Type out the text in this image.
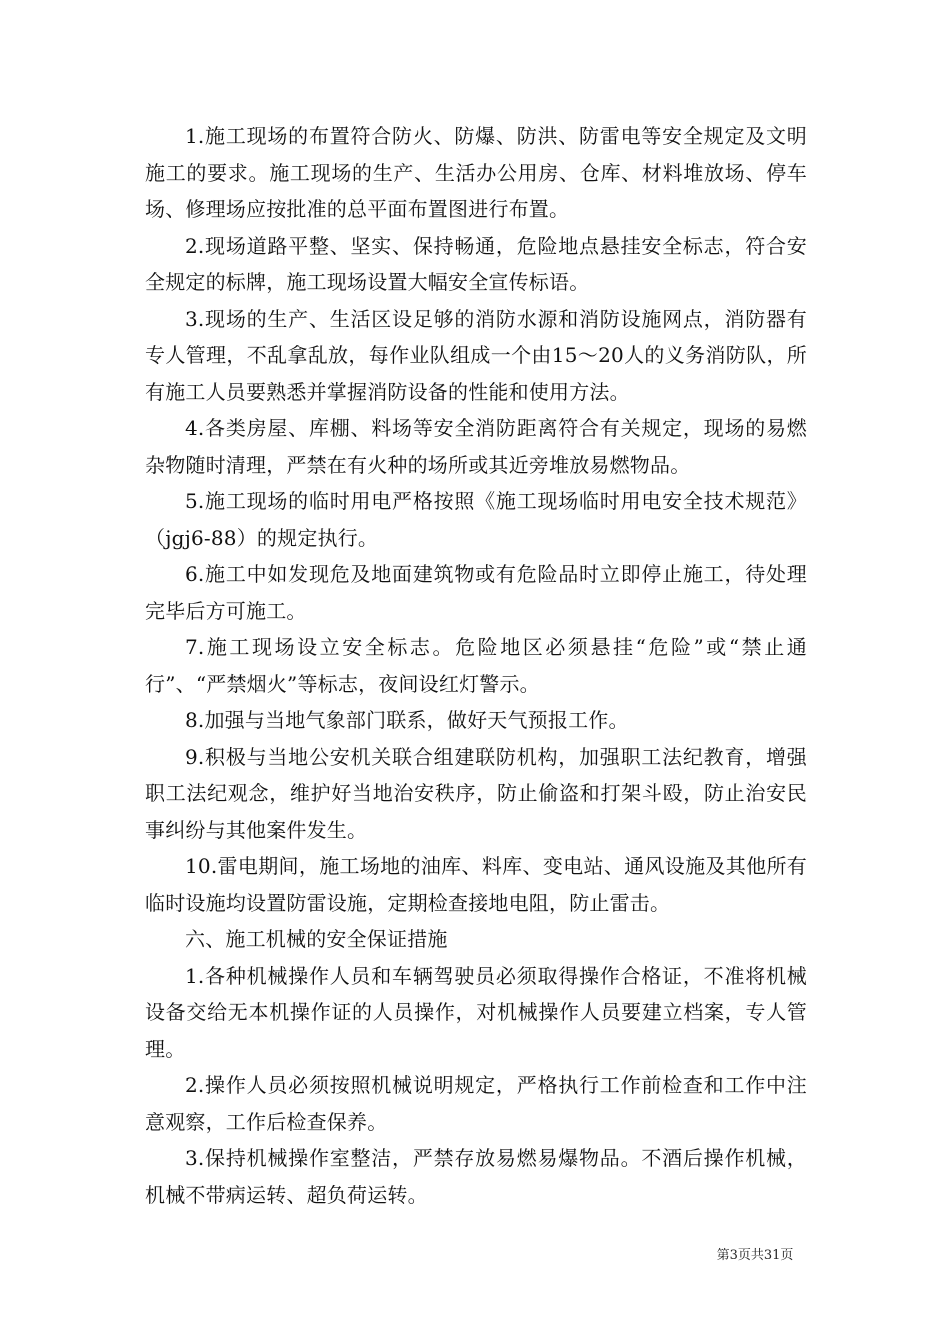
1.施工现场的布置符合防火、防爆、防洪、防雷电等安全规定及文明施工的要求。施工现场的生产、生活办公用房、仓库、材料堆放场、停车场、修理场应按批准的总平面布置图进行布置。

2.现场道路平整、坚实、保持畅通，危险地点悬挂安全标志，符合安全规定的标牌，施工现场设置大幅安全宣传标语。

3.现场的生产、生活区设足够的消防水源和消防设施网点，消防器有专人管理，不乱拿乱放，每作业队组成一个由15～20人的义务消防队，所有施工人员要熟悉并掌握消防设备的性能和使用方法。

4.各类房屋、库棚、料场等安全消防距离符合有关规定，现场的易燃杂物随时清理，严禁在有火种的场所或其近旁堆放易燃物品。

5.施工现场的临时用电严格按照《施工现场临时用电安全技术规范》（jgj6-88）的规定执行。

6.施工中如发现危及地面建筑物或有危险品时立即停止施工，待处理完毕后方可施工。

7.施工现场设立安全标志。危险地区必须悬挂“危险”或“禁止通行”、“严禁烟火”等标志，夜间设红灯警示。

8.加强与当地气象部门联系，做好天气预报工作。

9.积极与当地公安机关联合组建联防机构，加强职工法纪教育，增强职工法纪观念，维护好当地治安秩序，防止偷盗和打架斗殴，防止治安民事纠纷与其他案件发生。

10.雷电期间，施工场地的油库、料库、变电站、通风设施及其他所有临时设施均设置防雷设施，定期检查接地电阻，防止雷击。

六、施工机械的安全保证措施

1.各种机械操作人员和车辆驾驶员必须取得操作合格证，不准将机械设备交给无本机操作证的人员操作，对机械操作人员要建立档案，专人管理。

2.操作人员必须按照机械说明规定，严格执行工作前检查和工作中注意观察，工作后检查保养。

3.保持机械操作室整洁，严禁存放易燃易爆物品。不酒后操作机械，机械不带病运转、超负荷运转。

第3页共31页
